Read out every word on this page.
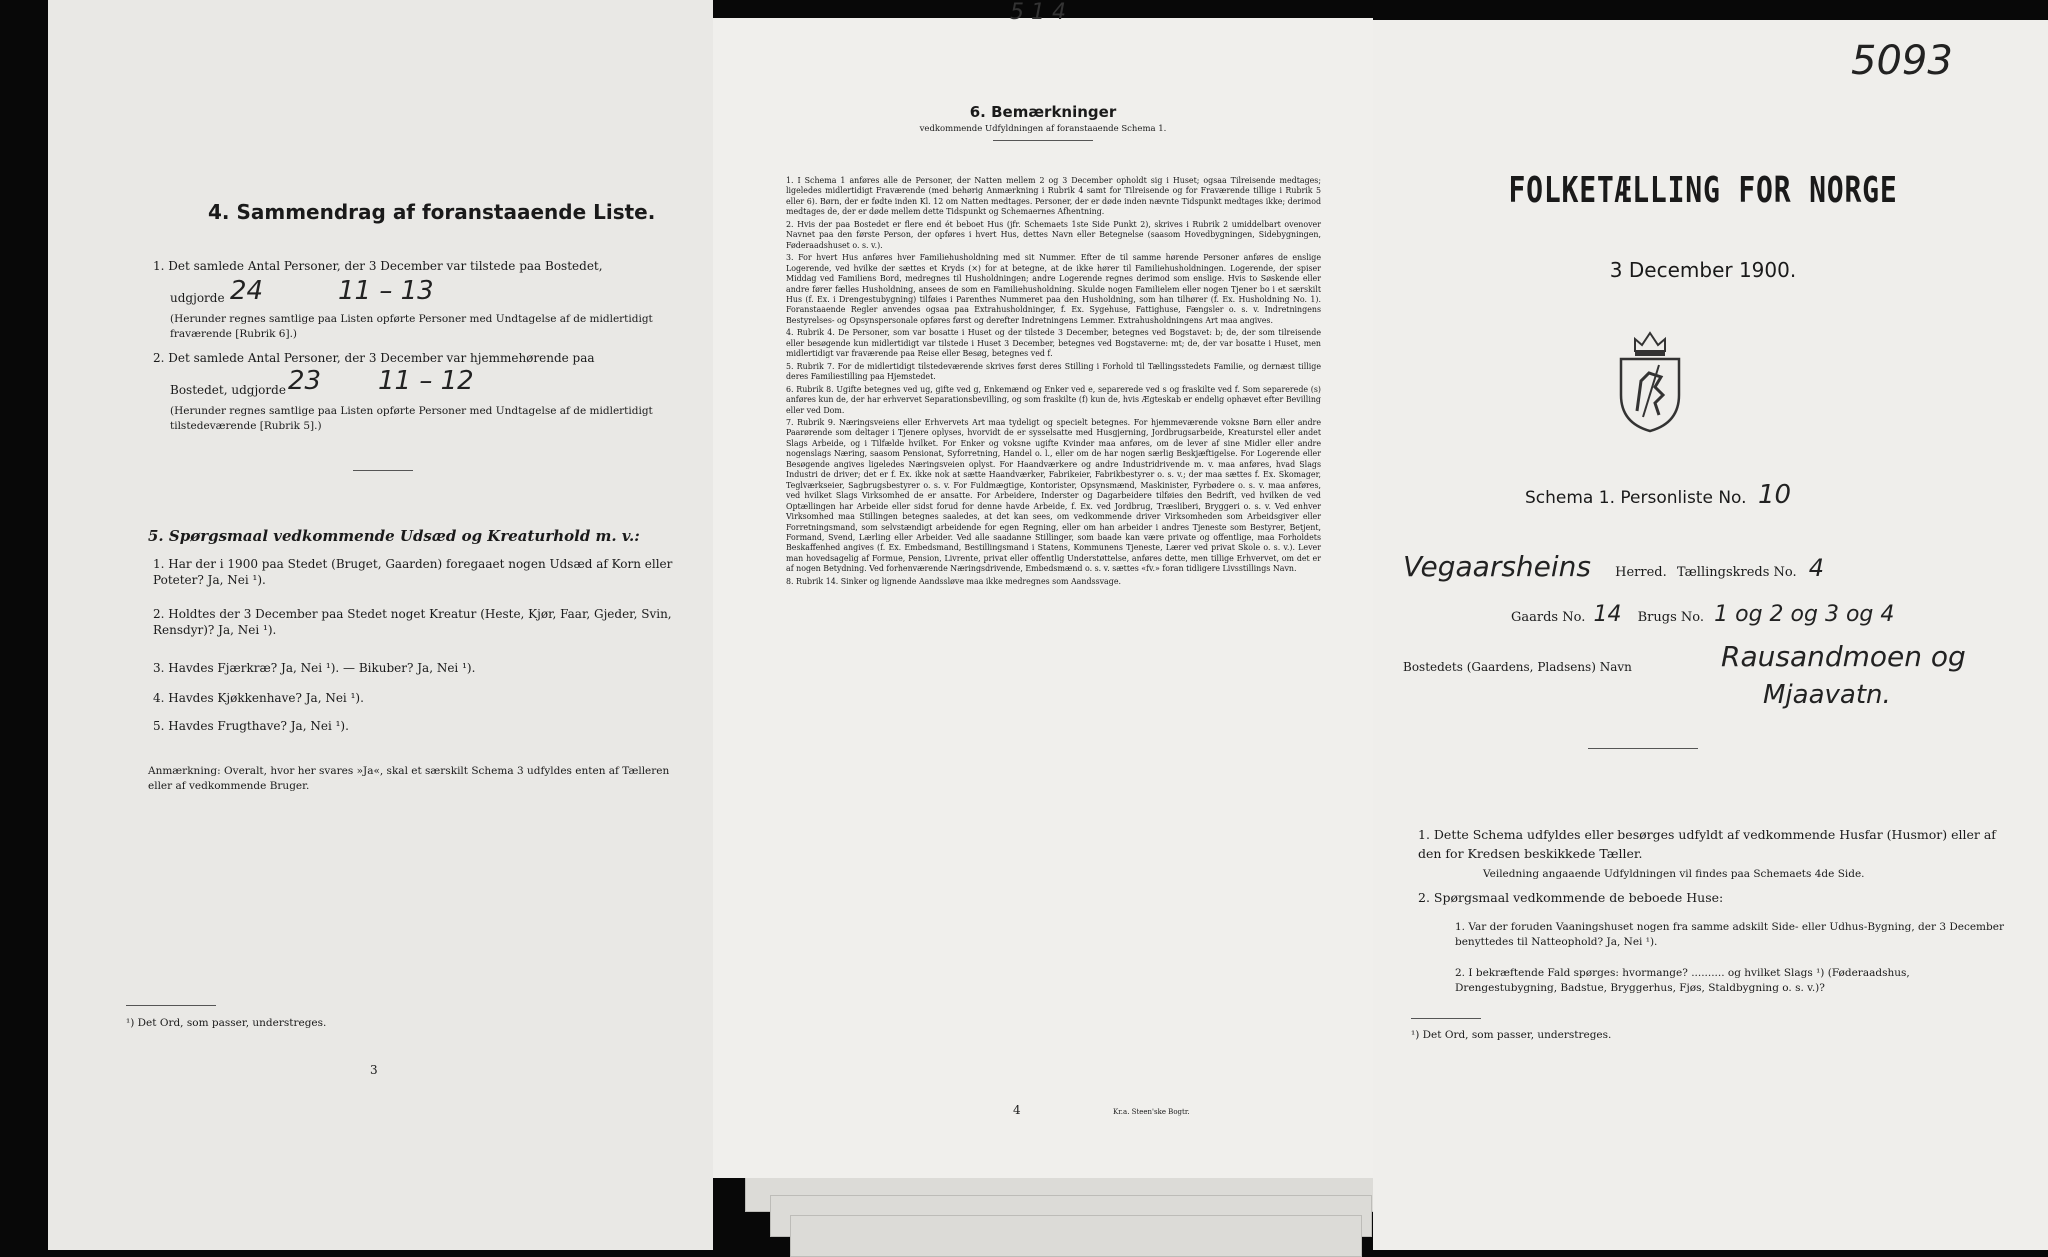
4. Sammendrag af foranstaaende Liste.
1. Det samlede Antal Personer, der 3 December var tilstede paa Bostedet,
udgjorde 24	11 – 13
(Herunder regnes samtlige paa Listen opførte Personer med Undtagelse af de midlertidigt fraværende [Rubrik 6].)
2. Det samlede Antal Personer, der 3 December var hjemmehørende paa
Bostedet, udgjorde 23 11 – 12
(Herunder regnes samtlige paa Listen opførte Personer med Undtagelse af de midlertidigt tilstedeværende [Rubrik 5].)
5. Spørgsmaal vedkommende Udsæd og Kreaturhold m. v.:
1. Har der i 1900 paa Stedet (Bruget, Gaarden) foregaaet nogen Udsæd af Korn eller Poteter? Ja, Nei ¹).
2. Holdtes der 3 December paa Stedet noget Kreatur (Heste, Kjør, Faar, Gjeder, Svin, Rensdyr)? Ja, Nei ¹).
3. Havdes Fjærkræ? Ja, Nei ¹). — Bikuber? Ja, Nei ¹).
4. Havdes Kjøkkenhave? Ja, Nei ¹).
5. Havdes Frugthave? Ja, Nei ¹).
Anmærkning: Overalt, hvor her svares »Ja«, skal et særskilt Schema 3 udfyldes enten af Tælleren eller af vedkommende Bruger.
¹) Det Ord, som passer, understreges.
3
6. Bemærkninger
vedkommende Udfyldningen af foranstaaende Schema 1.

1. I Schema 1 anføres alle de Personer, der Natten mellem 2 og 3 December opholdt sig i Huset; ogsaa Tilreisende medtages; ligeledes midlertidigt Fraværende (med behørig Anmærkning i Rubrik 4 samt for Tilreisende og for Fraværende tillige i Rubrik 5 eller 6). Børn, der er fødte inden Kl. 12 om Natten medtages. Personer, der er døde inden nævnte Tidspunkt medtages ikke; derimod medtages de, der er døde mellem dette Tidspunkt og Schemaernes Afhentning.

2. Hvis der paa Bostedet er flere end ét beboet Hus (jfr. Schemaets 1ste Side Punkt 2), skrives i Rubrik 2 umiddelbart ovenover Navnet paa den første Person, der opføres i hvert Hus, dettes Navn eller Betegnelse (saasom Hovedbygningen, Sidebygningen, Føderaadshuset o. s. v.).

3. For hvert Hus anføres hver Familiehusholdning med sit Nummer. Efter de til samme hørende Personer anføres de enslige Logerende, ved hvilke der sættes et Kryds (×) for at betegne, at de ikke hører til Familiehusholdningen. Logerende, der spiser Middag ved Familiens Bord, medregnes til Husholdningen; andre Logerende regnes derimod som enslige. Hvis to Søskende eller andre fører fælles Husholdning, ansees de som en Familiehusholdning. Skulde nogen Familielem eller nogen Tjener bo i et særskilt Hus (f. Ex. i Drengestubygning) tilføies i Parenthes Nummeret paa den Husholdning, som han tilhører (f. Ex. Husholdning No. 1). Foranstaaende Regler anvendes ogsaa paa Extrahusholdninger, f. Ex. Sygehuse, Fattighuse, Fængsler o. s. v. Indretningens Bestyrelses- og Opsynspersonale opføres først og derefter Indretningens Lemmer. Extrahusholdningens Art maa angives.

4. Rubrik 4. De Personer, som var bosatte i Huset og der tilstede 3 December, betegnes ved Bogstavet: b; de, der som tilreisende eller besøgende kun midlertidigt var tilstede i Huset 3 December, betegnes ved Bogstaverne: mt; de, der var bosatte i Huset, men midlertidigt var fraværende paa Reise eller Besøg, betegnes ved f.

5. Rubrik 7. For de midlertidigt tilstedeværende skrives først deres Stilling i Forhold til Tællingsstedets Familie, og dernæst tillige deres Familiestilling paa Hjemstedet.

6. Rubrik 8. Ugifte betegnes ved ug, gifte ved g, Enkemænd og Enker ved e, separerede ved s og fraskilte ved f. Som separerede (s) anføres kun de, der har erhvervet Separationsbevilling, og som fraskilte (f) kun de, hvis Ægteskab er endelig ophævet efter Bevilling eller ved Dom.

7. Rubrik 9. Næringsveiens eller Erhvervets Art maa tydeligt og specielt betegnes. For hjemmeværende voksne Børn eller andre Paarørende som deltager i Tjenere oplyses, hvorvidt de er sysselsatte med Husgjerning, Jordbrugsarbeide, Kreaturstel eller andet Slags Arbeide, og i Tilfælde hvilket. For Enker og voksne ugifte Kvinder maa anføres, om de lever af sine Midler eller andre nogenslags Næring, saasom Pensionat, Syforretning, Handel o. l., eller om de har nogen særlig Beskjæftigelse. For Logerende eller Besøgende angives ligeledes Næringsveien oplyst. For Haandværkere og andre Industridrivende m. v. maa anføres, hvad Slags Industri de driver; det er f. Ex. ikke nok at sætte Haandværker, Fabrikeier, Fabrikbestyrer o. s. v.; der maa sættes f. Ex. Skomager, Teglværkseier, Sagbrugsbestyrer o. s. v. For Fuldmægtige, Kontorister, Opsynsmænd, Maskinister, Fyrbødere o. s. v. maa anføres, ved hvilket Slags Virksomhed de er ansatte. For Arbeidere, Inderster og Dagarbeidere tilføies den Bedrift, ved hvilken de ved Optællingen har Arbeide eller sidst forud for denne havde Arbeide, f. Ex. ved Jordbrug, Træsliberi, Bryggeri o. s. v. Ved enhver Virksomhed maa Stillingen betegnes saaledes, at det kan sees, om vedkommende driver Virksomheden som Arbeidsgiver eller Forretningsmand, som selvstændigt arbeidende for egen Regning, eller om han arbeider i andres Tjeneste som Bestyrer, Betjent, Formand, Svend, Lærling eller Arbeider. Ved alle saadanne Stillinger, som baade kan være private og offentlige, maa Forholdets Beskaffenhed angives (f. Ex. Embedsmand, Bestillingsmand i Statens, Kommunens Tjeneste, Lærer ved privat Skole o. s. v.). Lever man hovedsagelig af Formue, Pension, Livrente, privat eller offentlig Understøttelse, anføres dette, men tillige Erhvervet, om det er af nogen Betydning. Ved forhenværende Næringsdrivende, Embedsmænd o. s. v. sættes «fv.» foran tidligere Livsstillings Navn.

8. Rubrik 14. Sinker og lignende Aandssløve maa ikke medregnes som Aandssvage.

4	Kr.a. Steen'ske Bogtr.
5 1 4
5093
FOLKETÆLLING FOR NORGE
3 December 1900.
Schema 1. Personliste No. 10
Vegaarsheins Herred. Tællingskreds No. 4
Gaards No. 14 Brugs No. 1 og 2 og 3 og 4
Bostedets (Gaardens, Pladsens) Navn	Rausandmoen og
Mjaavatn.
1. Dette Schema udfyldes eller besørges udfyldt af vedkommende Husfar (Husmor) eller af den for Kredsen beskikkede Tæller.
Veiledning angaaende Udfyldningen vil findes paa Schemaets 4de Side.
2. Spørgsmaal vedkommende de beboede Huse:
1. Var der foruden Vaaningshuset nogen fra samme adskilt Side- eller Udhus-Bygning, der 3 December benyttedes til Natteophold? Ja, Nei ¹).
2. I bekræftende Fald spørges: hvormange? .......... og hvilket Slags ¹) (Føderaadshus, Drengestubygning, Badstue, Bryggerhus, Fjøs, Staldbygning o. s. v.)?
¹) Det Ord, som passer, understreges.
